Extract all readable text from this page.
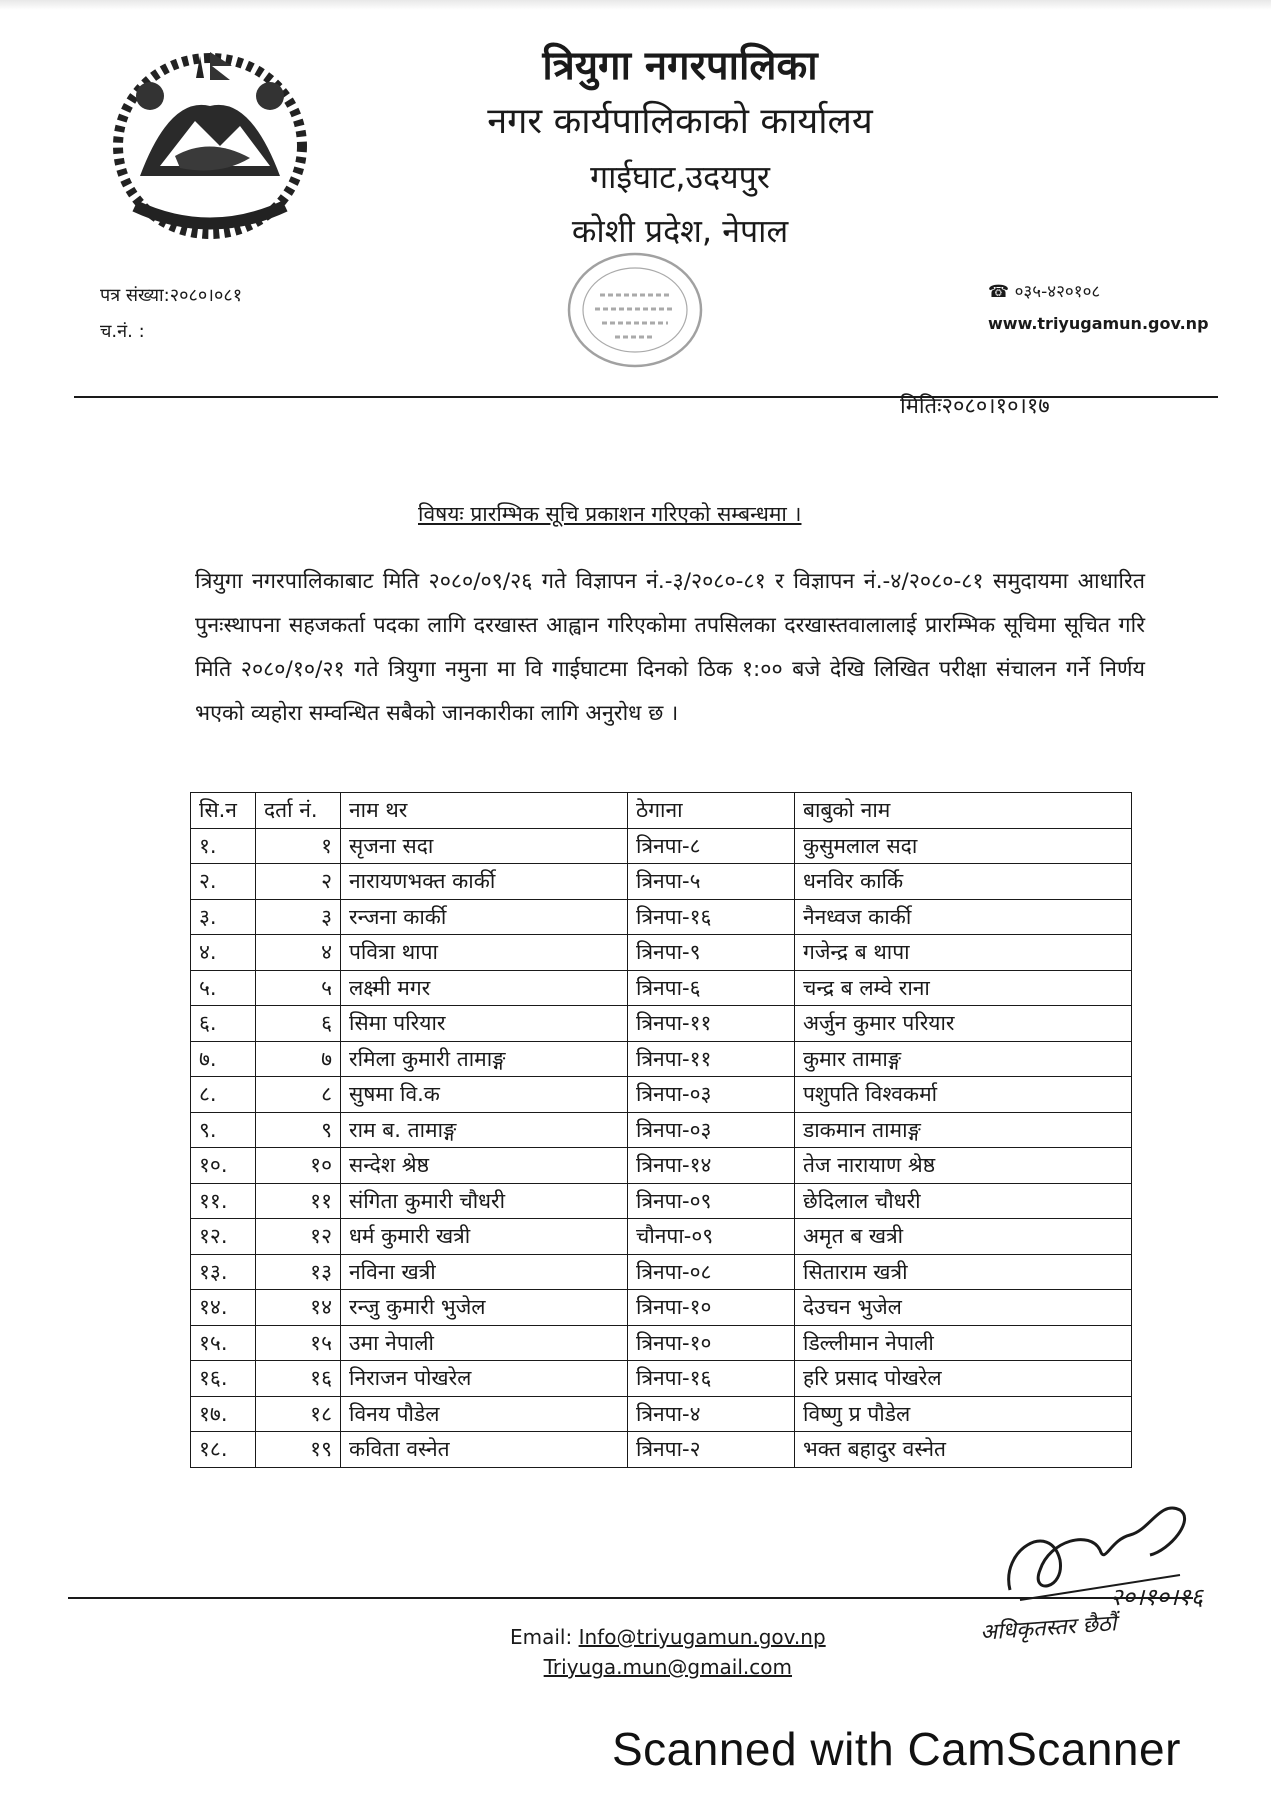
त्रियुगा नगरपालिका
नगर कार्यपालिकाको कार्यालय
गाईघाट,उदयपुर
कोशी प्रदेश, नेपाल
पत्र संख्या:२०८०।०८१
च.नं. :
☎ ०३५-४२०१०८
www.triyugamun.gov.np
मितिः२०८०।१०।१७
विषयः प्रारम्भिक सूचि प्रकाशन गरिएको सम्बन्धमा ।
त्रियुगा नगरपालिकाबाट मिति २०८०/०९/२६ गते विज्ञापन नं.-३/२०८०-८१ र विज्ञापन नं.-४/२०८०-८१ समुदायमा आधारित पुनःस्थापना सहजकर्ता पदका लागि दरखास्त आह्वान गरिएकोमा तपसिलका दरखास्तवालालाई प्रारम्भिक सूचिमा सूचित गरि मिति २०८०/१०/२१ गते त्रियुगा नमुना मा वि गाईघाटमा दिनको ठिक १:०० बजे देखि लिखित परीक्षा संचालन गर्ने निर्णय भएको व्यहोरा सम्वन्धित सबैको जानकारीका लागि अनुरोध छ ।
सि.न	दर्ता नं.	नाम थर	ठेगाना	बाबुको नाम
१.	१	सृजना सदा	त्रिनपा-८	कुसुमलाल सदा
२.	२	नारायणभक्त कार्की	त्रिनपा-५	धनविर कार्कि
३.	३	रन्जना कार्की	त्रिनपा-१६	नैनध्वज कार्की
४.	४	पवित्रा थापा	त्रिनपा-९	गजेन्द्र ब थापा
५.	५	लक्ष्मी मगर	त्रिनपा-६	चन्द्र ब लम्वे राना
६.	६	सिमा परियार	त्रिनपा-११	अर्जुन कुमार परियार
७.	७	रमिला कुमारी तामाङ्ग	त्रिनपा-११	कुमार तामाङ्ग
८.	८	सुषमा वि.क	त्रिनपा-०३	पशुपति विश्वकर्मा
९.	९	राम ब. तामाङ्ग	त्रिनपा-०३	डाकमान तामाङ्ग
१०.	१०	सन्देश श्रेष्ठ	त्रिनपा-१४	तेज नारायाण श्रेष्ठ
११.	११	संगिता कुमारी चौधरी	त्रिनपा-०९	छेदिलाल चौधरी
१२.	१२	धर्म कुमारी खत्री	चौनपा-०९	अमृत ब खत्री
१३.	१३	नविना खत्री	त्रिनपा-०८	सिताराम खत्री
१४.	१४	रन्जु कुमारी भुजेल	त्रिनपा-१०	देउचन भुजेल
१५.	१५	उमा नेपाली	त्रिनपा-१०	डिल्लीमान नेपाली
१६.	१६	निराजन पोखरेल	त्रिनपा-१६	हरि प्रसाद पोखरेल
१७.	१८	विनय पौडेल	त्रिनपा-४	विष्णु प्र पौडेल
१८.	१९	कविता वस्नेत	त्रिनपा-२	भक्त बहादुर वस्नेत
२०।१०।१६
अधिकृतस्तर छैठौं
Email: Info@triyugamun.gov.np
Triyuga.mun@gmail.com
Scanned with CamScanner
